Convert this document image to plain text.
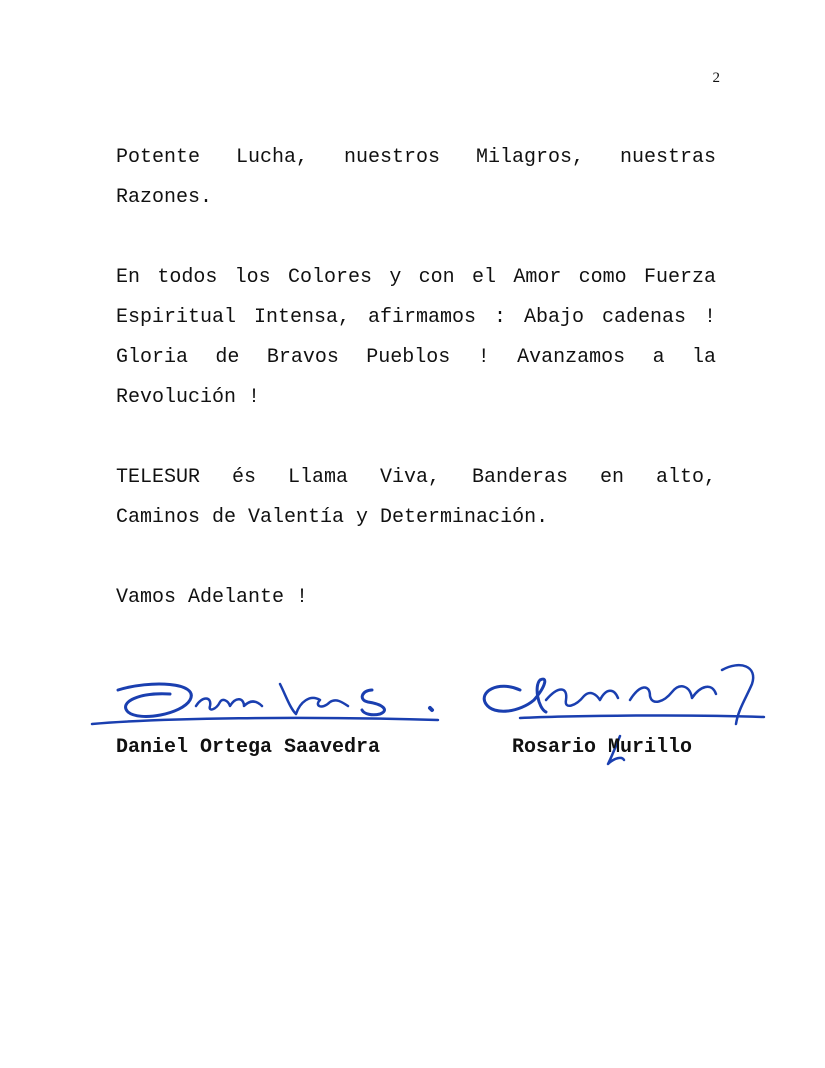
2
Potente Lucha, nuestros Milagros, nuestras
Razones.
En todos los Colores y con el Amor como Fuerza
Espiritual Intensa, afirmamos : Abajo cadenas !
Gloria de Bravos Pueblos ! Avanzamos a la
Revolución !
TELESUR és Llama Viva, Banderas en alto,
Caminos de Valentía y Determinación.
Vamos Adelante !
Daniel Ortega Saavedra	Rosario Murillo
